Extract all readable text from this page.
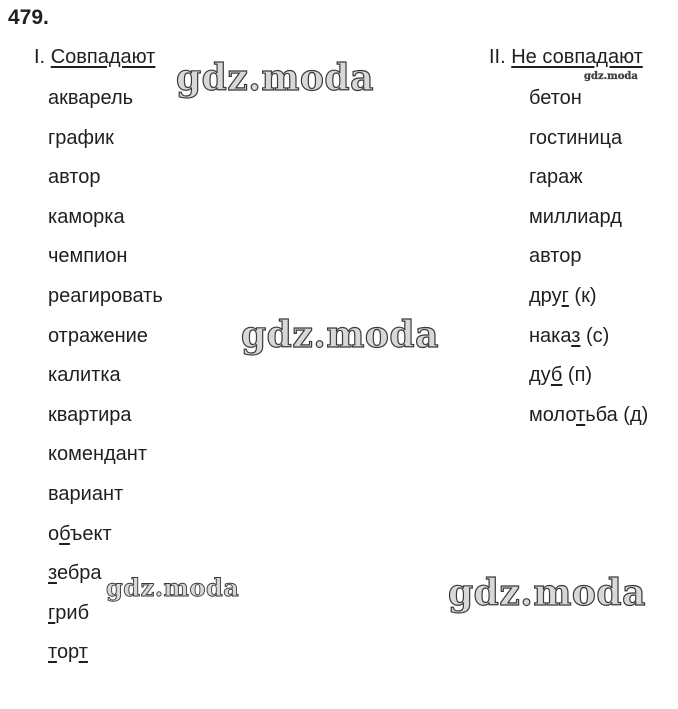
479.
I. Совпадают	II. Не совпадают
акварель
график
автор
каморка
чемпион
реагировать
отражение
калитка
квартира
комендант
вариант
объект
зебра
гриб
торт
бетон
гостиница
гараж
миллиард
автор
друг (к)
наказ (с)
дуб (п)
молотьба (д)
gdz.moda	gdz.moda
gdz.moda
gdz.moda	gdz.moda
